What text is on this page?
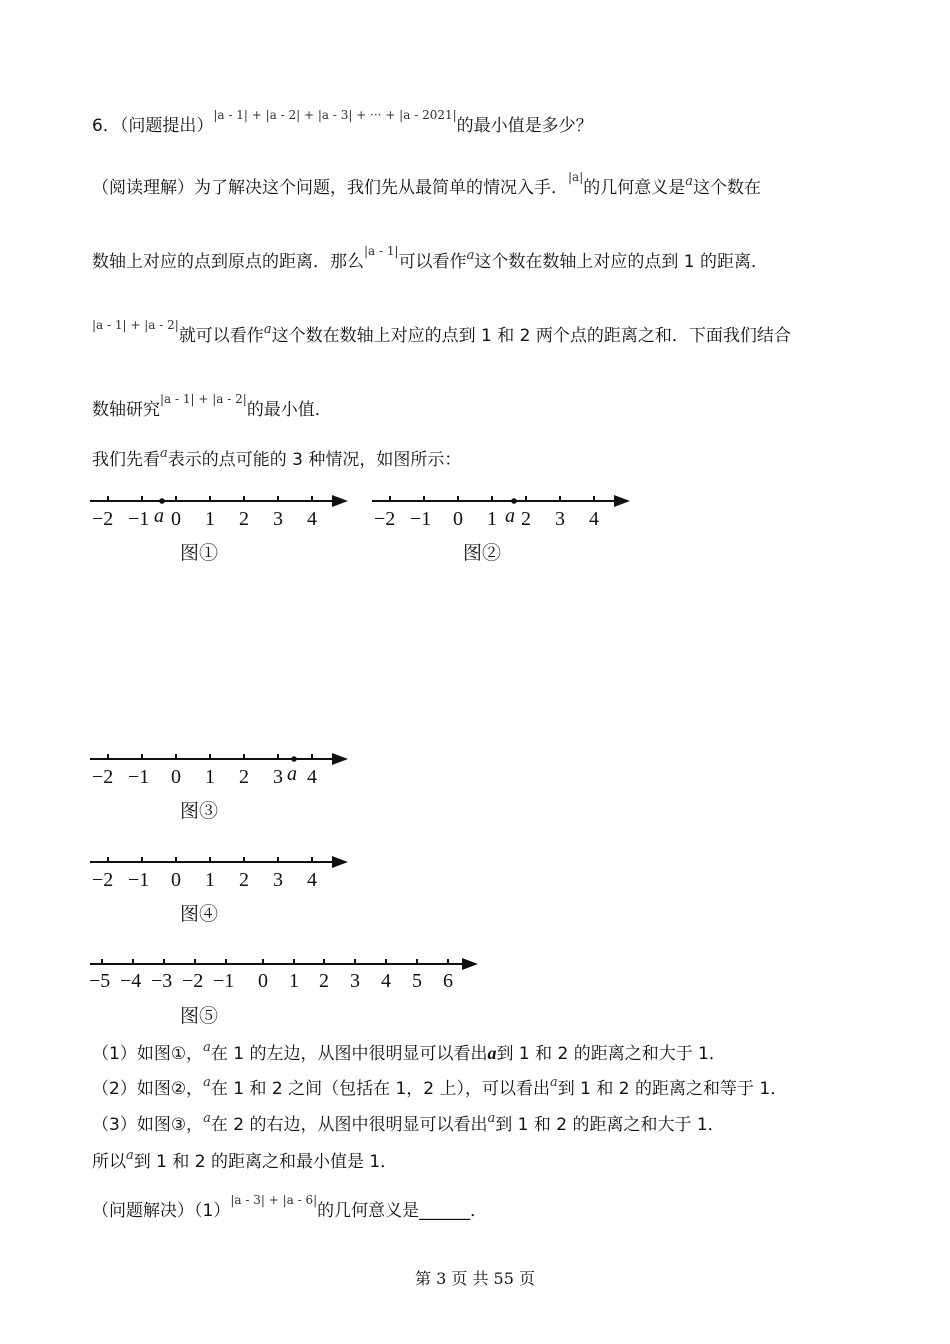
6．（问题提出）$^{|a - 1| + |a - 2| + |a - 3| + \cdot\cdot\cdot + |a - 2021|}$的最小值是多少？
（阅读理解）为了解决这个问题，我们先从最简单的情况入手．$^{|a|}$的几何意义是$^a$这个数在
数轴上对应的点到原点的距离．那么$^{|a - 1|}$可以看作$^a$这个数在数轴上对应的点到 1 的距离．
$^{|a - 1| + |a - 2|}$就可以看作$^a$这个数在数轴上对应的点到 1 和 2 两个点的距离之和．下面我们结合
数轴研究$^{|a - 1| + |a - 2|}$的最小值．
我们先看$^a$表示的点可能的 3 种情况，如图所示：
−2 −1 a 0 1 2 3 4
图①
−2 −1 0 1 a 2 3 4
图②
−2 −1 0 1 2 3 a 4
图③
−2 −1 0 1 2 3 4
图④
−5 −4 −3 −2 −1 0 1 2 3 4 5 6
图⑤
（1）如图①，$^a$在 1 的左边，从图中很明显可以看出a到 1 和 2 的距离之和大于 1．
（2）如图②，$^a$在 1 和 2 之间（包括在 1，2 上），可以看出$^a$到 1 和 2 的距离之和等于 1．
（3）如图③，$^a$在 2 的右边，从图中很明显可以看出$^a$到 1 和 2 的距离之和大于 1．
所以$^a$到 1 和 2 的距离之和最小值是 1．
（问题解决）$(1)^{|a - 3| + |a - 6|}$的几何意义是______．
第 3 页 共 55 页
